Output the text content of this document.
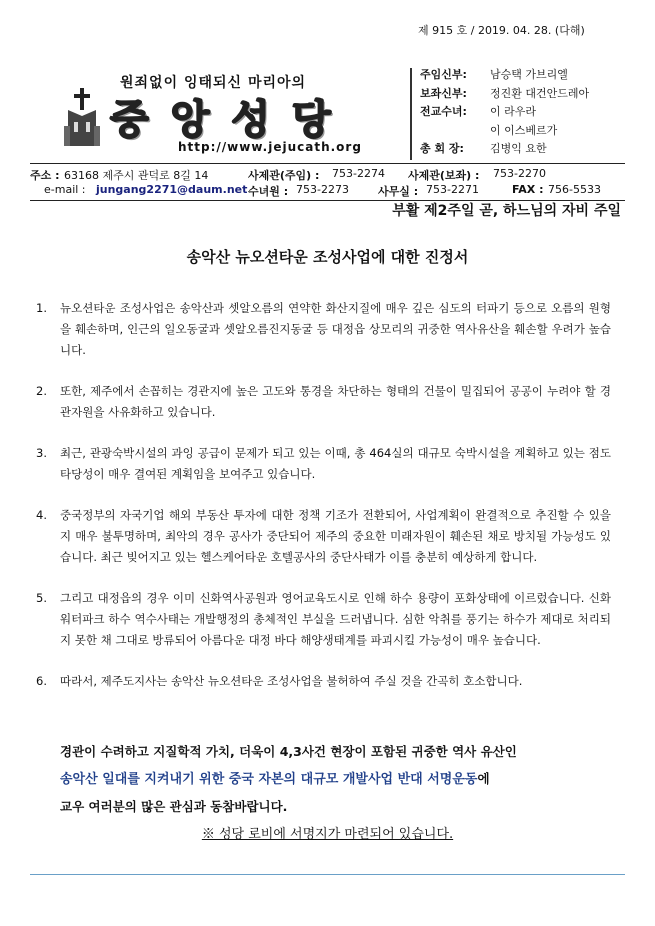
제 915 호 / 2019. 04. 28. (다해)
원죄없이 잉태되신 마리아의
중앙성당
http://www.jejucath.org
주임신부:	남승택 가브리엘
보좌신부:	정진환 대건안드레아
전교수녀:	이 라우라
이 이스베르가
총 회 장:	김병익 요한
주소 : 63168 제주시 관덕로 8길 14	사제관(주임) : 753-2274 사제관(보좌) : 753-2270
e-mail : jungang2271@daum.net 수녀원 : 753-2273	사무실 : 753-2271	FAX : 756-5533
부활 제2주일 곧, 하느님의 자비 주일
송악산 뉴오션타운 조성사업에 대한 진정서
1. 뉴오션타운 조성사업은 송악산과 셋알오름의 연약한 화산지질에 매우 깊은 심도의 터파기 등으로 오름의 원형을 훼손하며, 인근의 일오동굴과 셋알오름진지동굴 등 대정읍 상모리의 귀중한 역사유산을 훼손할 우려가 높습니다.
2. 또한, 제주에서 손꼽히는 경관지에 높은 고도와 통경을 차단하는 형태의 건물이 밀집되어 공공이 누려야 할 경관자원을 사유화하고 있습니다.
3. 최근, 관광숙박시설의 과잉 공급이 문제가 되고 있는 이때, 총 464실의 대규모 숙박시설을 계획하고 있는 점도 타당성이 매우 결여된 계획임을 보여주고 있습니다.
4. 중국정부의 자국기업 해외 부동산 투자에 대한 정책 기조가 전환되어, 사업계획이 완결적으로 추진할 수 있을지 매우 불투명하며, 최악의 경우 공사가 중단되어 제주의 중요한 미래자원이 훼손된 채로 방치될 가능성도 있습니다. 최근 빚어지고 있는 헬스케어타운 호텔공사의 중단사태가 이를 충분히 예상하게 합니다.
5. 그리고 대정읍의 경우 이미 신화역사공원과 영어교육도시로 인해 하수 용량이 포화상태에 이르렀습니다. 신화워터파크 하수 역수사태는 개발행정의 총체적인 부실을 드러냅니다. 심한 악취를 풍기는 하수가 제대로 처리되지 못한 채 그대로 방류되어 아름다운 대정 바다 해양생태계를 파괴시킬 가능성이 매우 높습니다.
6. 따라서, 제주도지사는 송악산 뉴오션타운 조성사업을 불허하여 주실 것을 간곡히 호소합니다.
경관이 수려하고 지질학적 가치, 더욱이 4,3사건 현장이 포함된 귀중한 역사 유산인
송악산 일대를 지켜내기 위한 중국 자본의 대규모 개발사업 반대 서명운동에
교우 여러분의 많은 관심과 동참바랍니다.
※ 성당 로비에 서명지가 마련되어 있습니다.
